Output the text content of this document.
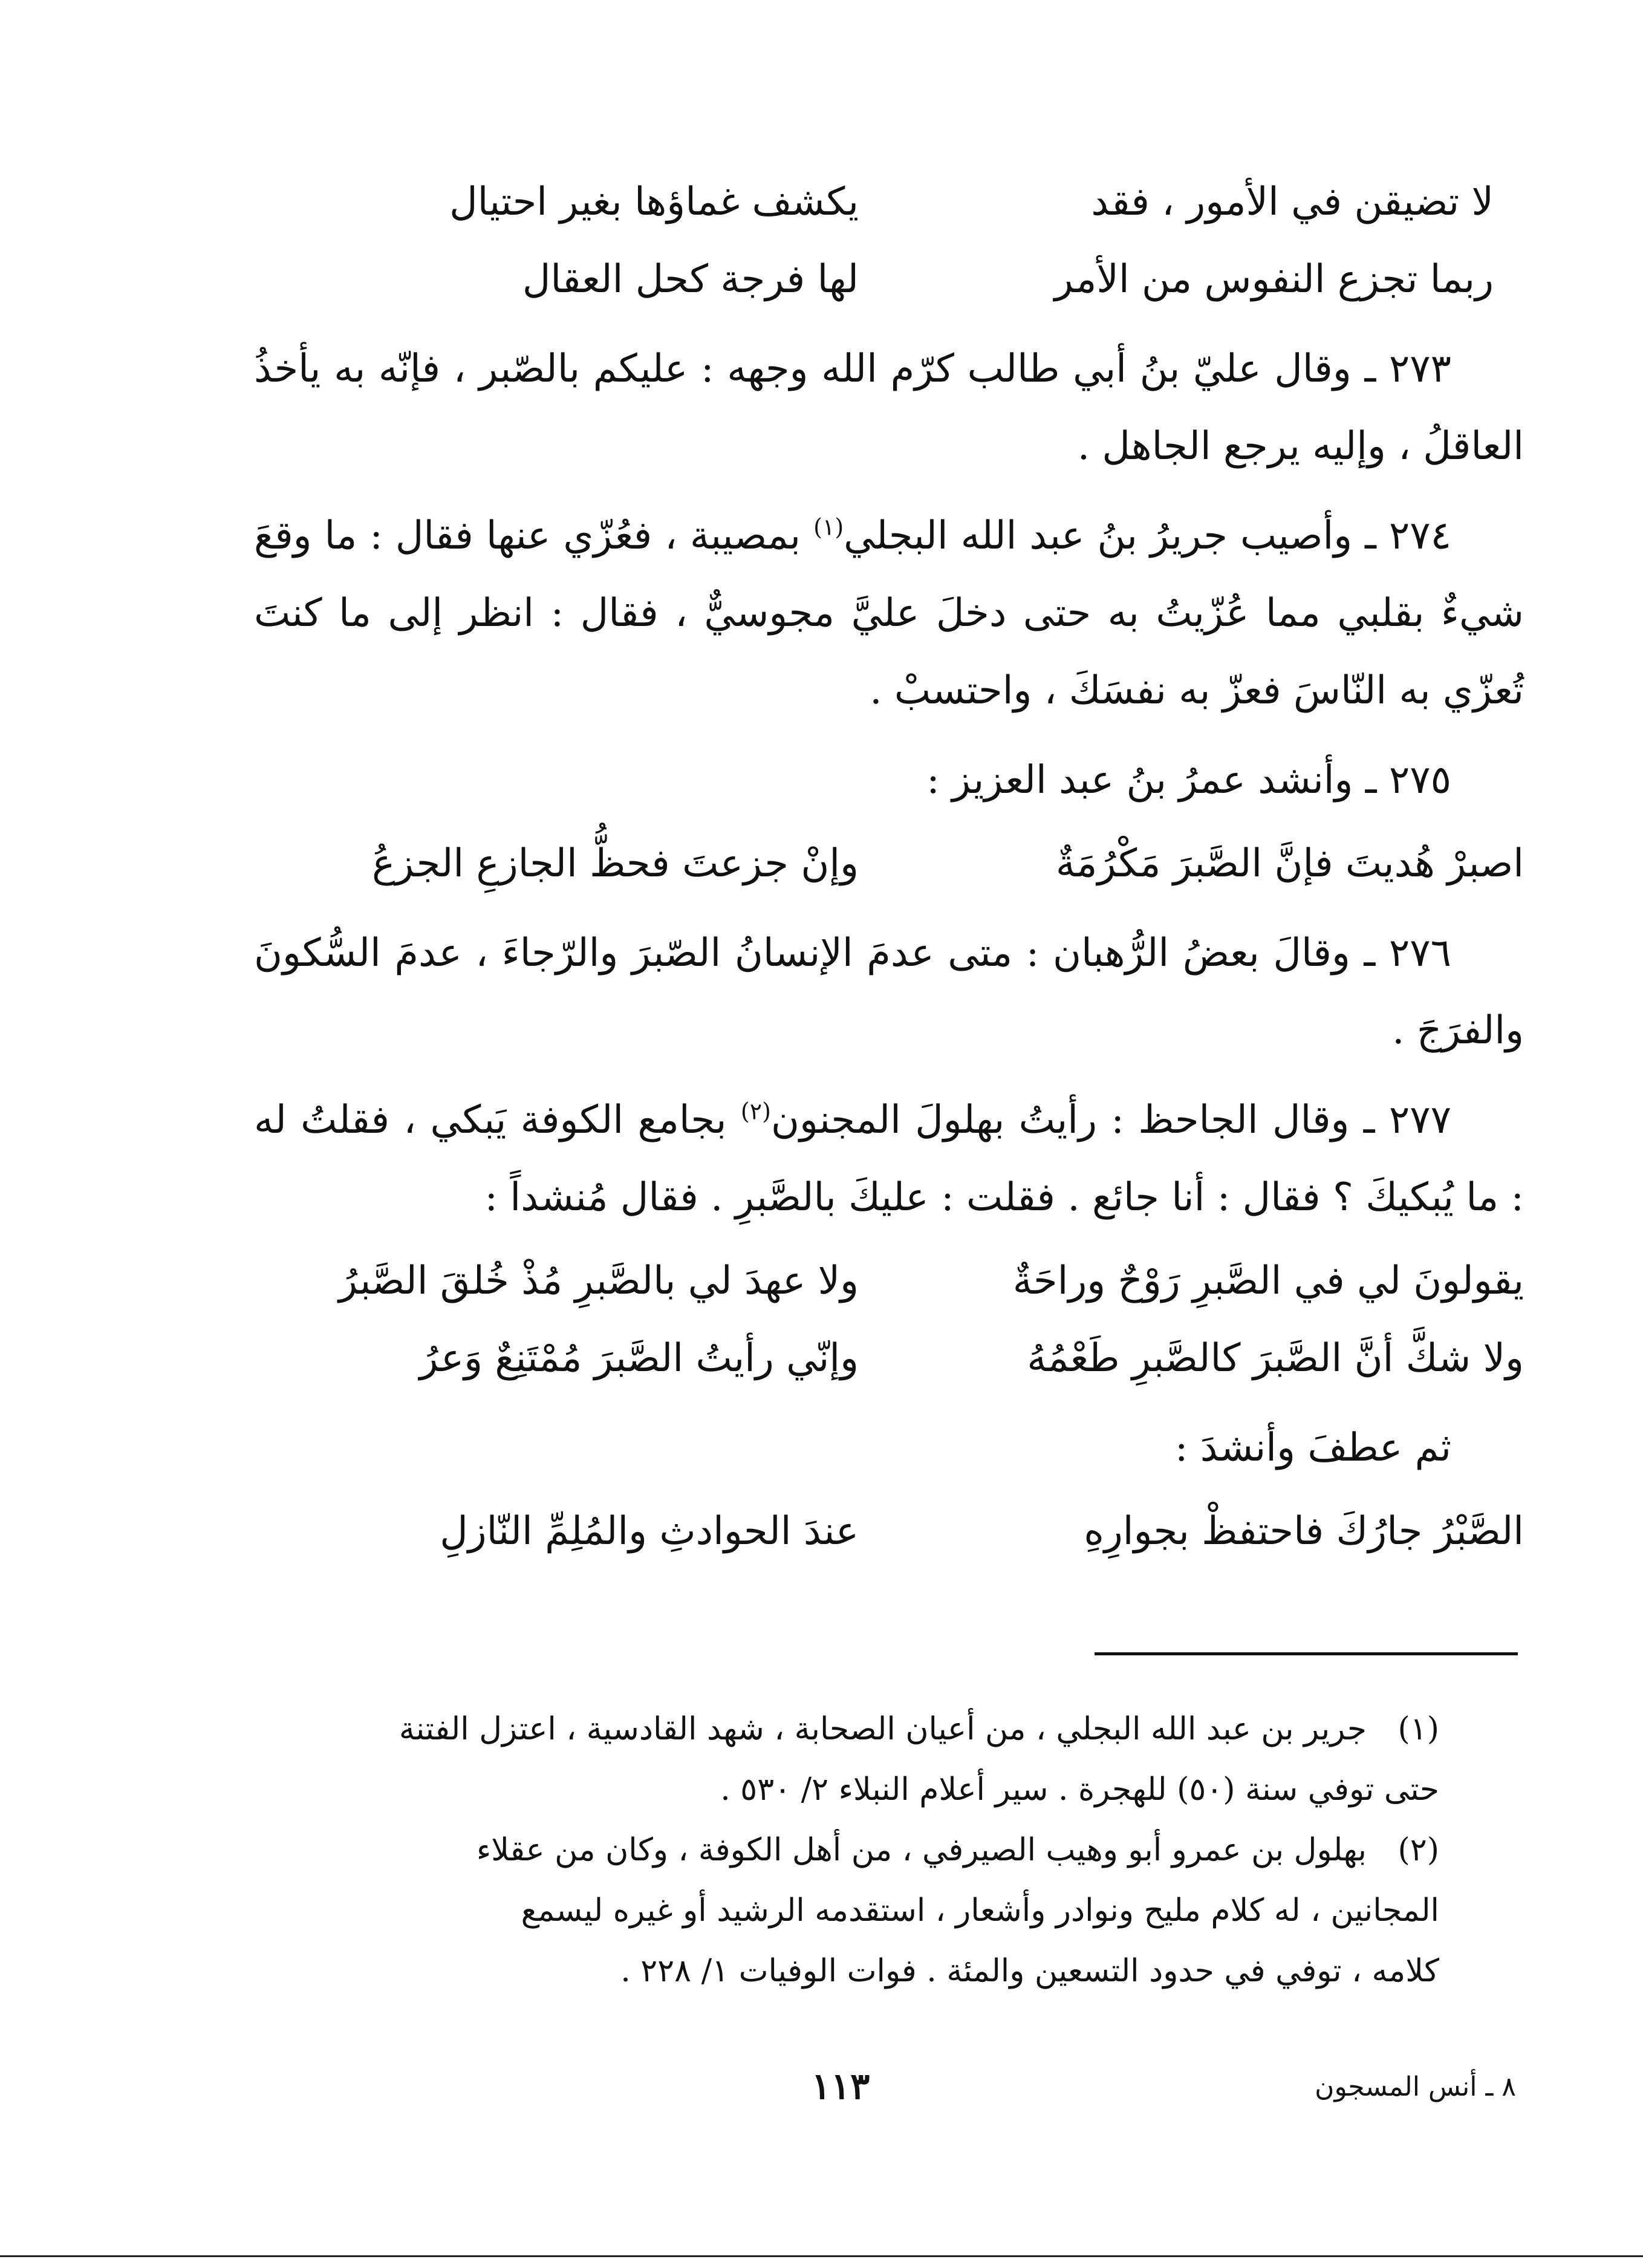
لا تضيقن في الأمور ، فقد
يكشف غماؤها بغير احتيال
ربما تجزع النفوس من الأمر
لها فرجة كحل العقال
٢٧٣ ـ وقال عليّ بنُ أبي طالب كرّم الله وجهه : عليكم بالصّبر ، فإنّه به يأخذُ العاقلُ ، وإليه يرجع الجاهل .
٢٧٤ ـ وأصيب جريرُ بنُ عبد الله البجلي$^{(١)}$ بمصيبة ، فعُزّي عنها فقال : ما وقعَ شيءٌ بقلبي مما عُزّيتُ به حتى دخلَ عليَّ مجوسيٌّ ، فقال : انظر إلى ما كنتَ تُعزّي به النّاسَ فعزّ به نفسَكَ ، واحتسبْ .
٢٧٥ ـ وأنشد عمرُ بنُ عبد العزيز :
اصبرْ هُديتَ فإنَّ الصَّبرَ مَكْرُمَةٌ
وإنْ جزعتَ فحظُّ الجازعِ الجزعُ
٢٧٦ ـ وقالَ بعضُ الرُّهبان : متى عدمَ الإنسانُ الصّبرَ والرّجاءَ ، عدمَ السُّكونَ والفرَجَ .
٢٧٧ ـ وقال الجاحظ : رأيتُ بهلولَ المجنون$^{(٢)}$ بجامع الكوفة يَبكي ، فقلتُ له : ما يُبكيكَ ؟ فقال : أنا جائع . فقلت : عليكَ بالصَّبرِ . فقال مُنشداً :
يقولونَ لي في الصَّبرِ رَوْحٌ وراحَةٌ
ولا عهدَ لي بالصَّبرِ مُذْ خُلقَ الصَّبرُ
ولا شكَّ أنَّ الصَّبرَ كالصَّبرِ طَعْمُهُ
وإنّي رأيتُ الصَّبرَ مُمْتَنِعٌ وَعرُ
ثم عطفَ وأنشدَ :
الصَّبْرُ جارُكَ فاحتفظْ بجوارِهِ
عندَ الحوادثِ والمُلِمِّ النّازلِ
(١)جرير بن عبد الله البجلي ، من أعيان الصحابة ، شهد القادسية ، اعتزل الفتنة
حتى توفي سنة (٥٠) للهجرة . سير أعلام النبلاء ٢/ ٥٣٠ .
(٢)بهلول بن عمرو أبو وهيب الصيرفي ، من أهل الكوفة ، وكان من عقلاء
المجانين ، له كلام مليح ونوادر وأشعار ، استقدمه الرشيد أو غيره ليسمع
كلامه ، توفي في حدود التسعين والمئة . فوات الوفيات ١/ ٢٢٨ .
١١٣	٨ ـ أنس المسجون
